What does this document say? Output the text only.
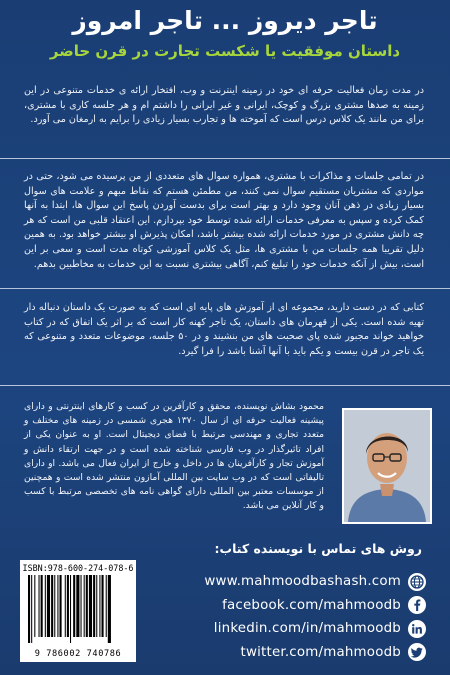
تاجر دیروز ... تاجر امروز
داستان موفقیت یا شکست تجارت در قرن حاضر

در مدت زمان فعالیت حرفه ای خود در زمینه اینترنت و وب، افتخار ارائه ی خدمات متنوعی در این زمینه به صدها مشتری بزرگ و کوچک، ایرانی و غیر ایرانی را داشتم ام و هر جلسه کاری با مشتری، برای من مانند یک کلاس درس است که آموخته ها و تجارب بسیار زیادی را برایم به ارمغان می آورد.

در تمامی جلسات و مذاکرات با مشتری، همواره سوال های متعددی از من پرسیده می شود، حتی در مواردی که مشتریان مستقیم سوال نمی کنند، من مطمئن هستم که نقاط مبهم و علامت های سوال بسیار زیادی در ذهن آنان وجود دارد و بهتر است برای بدست آوردن پاسخ این سوال ها، ابتدا به آنها کمک کرده و سپس به معرفی خدمات ارائه شده توسط خود بپردازم. این اعتقاد قلبی من است که هر چه دانش مشتری در مورد خدمات ارائه شده بیشتر باشد، امکان پذیرش او بیشتر خواهد بود. به همین دلیل تقریبا همه جلسات من با مشتری ها، مثل یک کلاس آموزشی کوتاه مدت است و سعی بر این است، بیش از آنکه خدمات خود را تبلیغ کنم، آگاهی بیشتری نسبت به این خدمات به مخاطبین بدهم.

کتابی که در دست دارید، مجموعه ای از آموزش های پایه ای است که به صورت یک داستان دنباله دار تهیه شده است. یکی از قهرمان های داستان، یک تاجر کهنه کار است که بر اثر یک اتفاق که در کتاب خواهید خواند مجبور شده پای صحبت های من بنشیند و در ۵۰ جلسه، موضوعات متعدد و متنوعی که یک تاجر در قرن بیست و یکم باید با آنها آشنا باشد را فرا گیرد.

محمود بشاش نویسنده، محقق و کارآفرین در کسب و کارهای اینترنتی و دارای پیشینه فعالیت حرفه ای از سال ۱۳۷۰ هجری شمسی در زمینه های مختلف و متعدد تجاری و مهندسی مرتبط با فضای دیجیتال است. او به عنوان یکی از افراد تاثیرگذار در وب فارسی شناخته شده است و در جهت ارتقاء دانش و آموزش تجار و کارآفرینان ها در داخل و خارج از ایران فعال می باشد. او دارای تالیفاتی است که در وب سایت بین المللی آمازون منتشر شده است و همچنین از موسسات معتبر بین المللی دارای گواهی نامه های تخصصی مرتبط با کسب و کار آنلاین می باشد.

روش های تماس با نویسنده کتاب:
ISBN:978-600-274-078-6
9 786002 740786
www.mahmoodbashash.com
facebook.com/mahmoodb
linkedin.com/in/mahmoodb
twitter.com/mahmoodb
